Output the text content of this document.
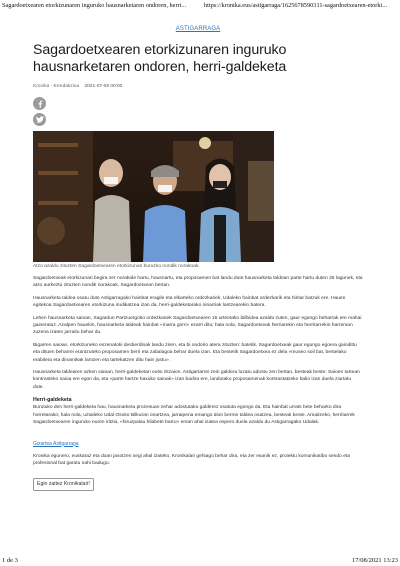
Sagardoetxearen etorkizunaren inguruko hausnarketaren ondoren, herri...	https://kronika.eus/astigarraga/1625678590311-sagardoetxearen-etorki...
ASTIGARRAGA
Sagardoetxearen etorkizunaren inguruko hausnarketaren ondoren, herri-galdeketa
Kronika - Erredakzioa 2021-07-08 00:00
Atzo azaldu zituzten Sagardoetxearen etorkizunari buruzko nondik norakoak.

Sagardoetxeak etorkizunari begira zer norabide hartu, hausnartu, eta proposamen bat landu dute hausnarketa taldean parte hartu duten 25 lagunek, eta atzo aurkeztu zituzten nondik norakoak, Sagardoetxean bertan.

Hausnarketa taldea osatu dute Astigarragako hainbat eragile eta elkarteko ordezkariek, Udaleko hainbat ordezkarik eta hiritar batzuk ere. Hauen egitekoa Sagardoetxearen etorkizuna irudikatzea izan da, herri-galdeketarako oinarriak lantzearekin batera.

Lehen hausnarketa saioan, Sagardun Partzuergoko ordezkariek Sagardoetxearen 15 urteetako ibilbidea azaldu zuten, gaur egungo beharrak ere mahai gaineratuz. Azalpen hauekin, hausnarketa taldeak hainbat «marra gorri» ezarri ditu; hala nola, Sagardoetxeak herriarekin eta herritarrekin harreman zuzena izaten jarraitu behar du.

Bigarren saioan, etorkizuneko eszenatoki desberdinak landu ziren, eta bi ondorio atera zituzten: batetik, Sagardoetxeak gaur egungo egoera gaindittu eta dituen beharrei erantzuteko proposamen berri eta zabalagoa behar duela izan. Eta bestetik Sagardoetxea ez dela «museo soil bat, bestelako erabilera eta dinamikak lantzen eta tartekatzen ditu hain justu».

Hausnarketa taldearen azken saioan, herri-galdeketari eutsi zitzaion. Astigartarrei zein galdera luzatu adostu zen bertan, besteak beste: Saioen tartean kontrasteko saioa ere egon da, eta «parte hartze baxuko saioak» izan badira ere, landutako proposamenak kontrastatzeko balio izan duela ziurtatu dute.

Herri-galdeketa

Burutuko den herri-galdeketa hau, hausnarketa prozesuan zehar adostutako galderez osatuta egongo da. Eta hainbat urrats bete beharko dira horretarako; hala nola, uztaileko Udal Osoko Bilkuran onartzea, jarraipena emango dion berme taldea osatzea, besteak beste. Amaitzeko, herritarrek Sagardoetxearen inguruko euren iritzia, «hiruzpalau hilabete barru» eman ahal izatea espero duela azaldu du Astigarragako Udalak.

Gizartea Astigarraga

Kronika egunero, euskaraz eta doan jasotzen segi ahal izateko, Kronikalari gehiago behar dira, eta zer esanik ez, proiektu komunikatibo sendo eta profesional bat garatu nahi badugu.

Egin zaitez Kronikalari!
1 de 3	17/08/2021 13:23
